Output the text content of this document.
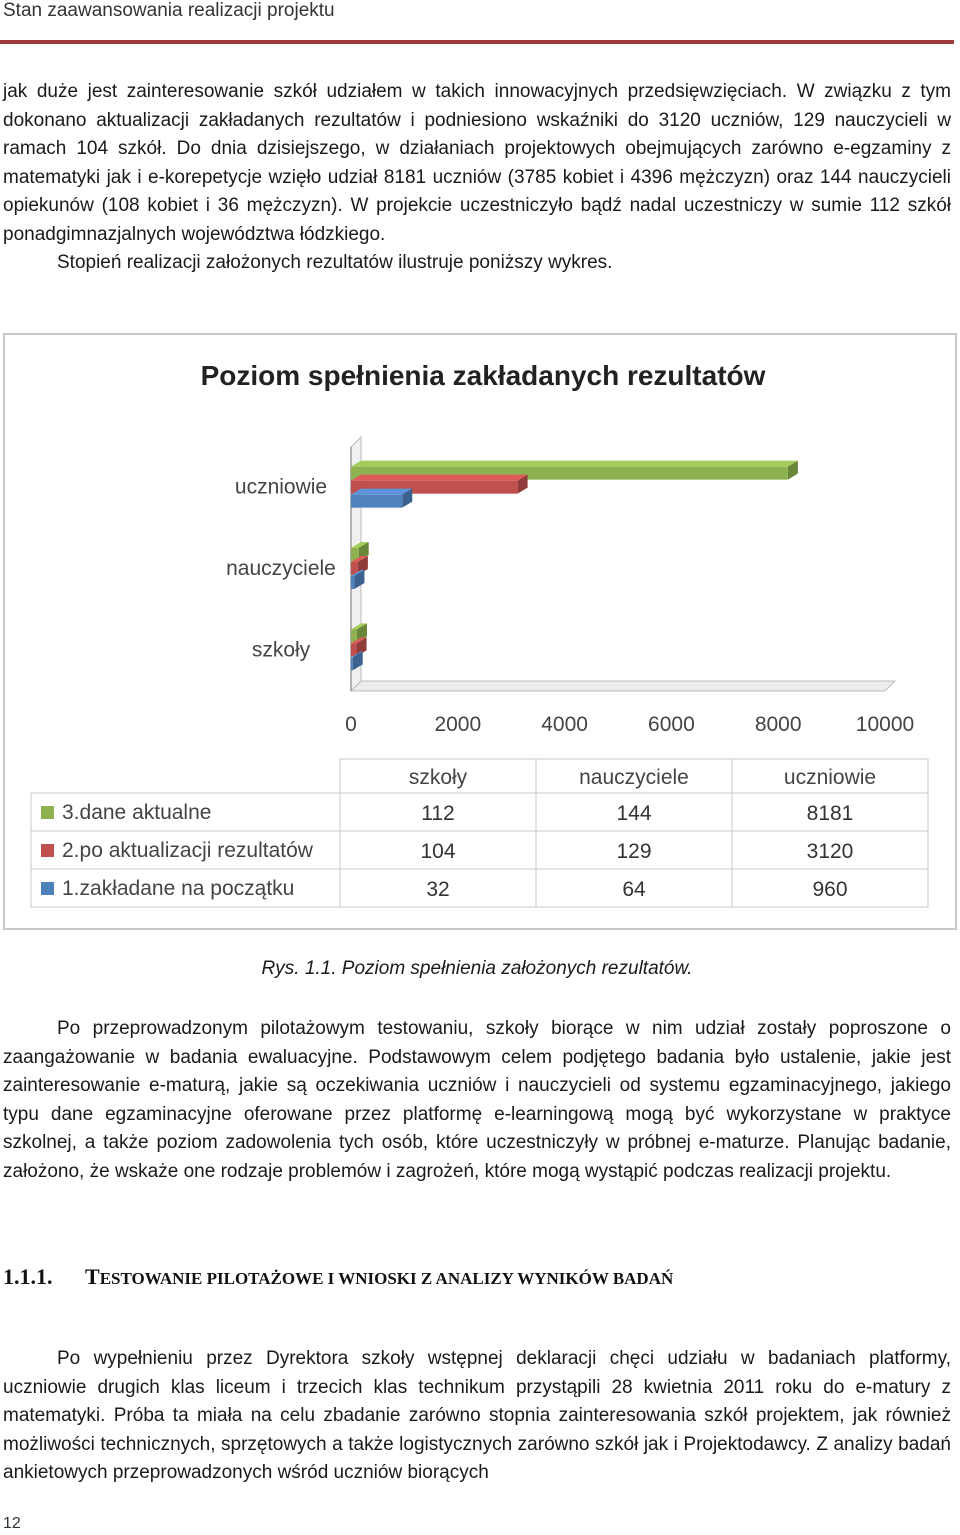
Stan zaawansowania realizacji projektu
jak duże jest zainteresowanie szkół udziałem w takich innowacyjnych przedsięwzięciach. W związku z tym dokonano aktualizacji zakładanych rezultatów i podniesiono wskaźniki do 3120 uczniów, 129 nauczycieli w ramach 104 szkół. Do dnia dzisiejszego, w działaniach projektowych obejmujących zarówno e-egzaminy z matematyki jak i e-korepetycje wzięło udział 8181 uczniów (3785 kobiet i 4396 mężczyzn) oraz 144 nauczycieli opiekunów (108 kobiet i 36 mężczyzn). W projekcie uczestniczyło bądź nadal uczestniczy w sumie 112 szkół ponadgimnazjalnych województwa łódzkiego.
Stopień realizacji założonych rezultatów ilustruje poniższy wykres.
Poziom spełnienia zakładanych rezultatów
0	2000	4000	6000	8000	10000
szkoły
nauczyciele
uczniowie
szkoły	nauczyciele	uczniowie
3.dane aktualne	112	144	8181
2.po aktualizacji rezultatów	104	129	3120
1.zakładane na początku	32	64	960
Rys. 1.1. Poziom spełnienia założonych rezultatów.

Po przeprowadzonym pilotażowym testowaniu, szkoły biorące w nim udział zostały poproszone o zaangażowanie w badania ewaluacyjne. Podstawowym celem podjętego badania było ustalenie, jakie jest zainteresowanie e-maturą, jakie są oczekiwania uczniów i nauczycieli od systemu egzaminacyjnego, jakiego typu dane egzaminacyjne oferowane przez platformę e-learningową mogą być wykorzystane w praktyce szkolnej, a także poziom zadowolenia tych osób, które uczestniczyły w próbnej e-maturze. Planując badanie, założono, że wskaże one rodzaje problemów i zagrożeń, które mogą wystąpić podczas realizacji projektu.

1.1.1. TESTOWANIE PILOTAŻOWE I WNIOSKI Z ANALIZY WYNIKÓW BADAŃ

Po wypełnieniu przez Dyrektora szkoły wstępnej deklaracji chęci udziału w badaniach platformy, uczniowie drugich klas liceum i trzecich klas technikum przystąpili 28 kwietnia 2011 roku do e-matury z matematyki. Próba ta miała na celu zbadanie zarówno stopnia zainteresowania szkół projektem, jak również możliwości technicznych, sprzętowych a także logistycznych zarówno szkół jak i Projektodawcy. Z analizy badań ankietowych przeprowadzonych wśród uczniów biorących

12
